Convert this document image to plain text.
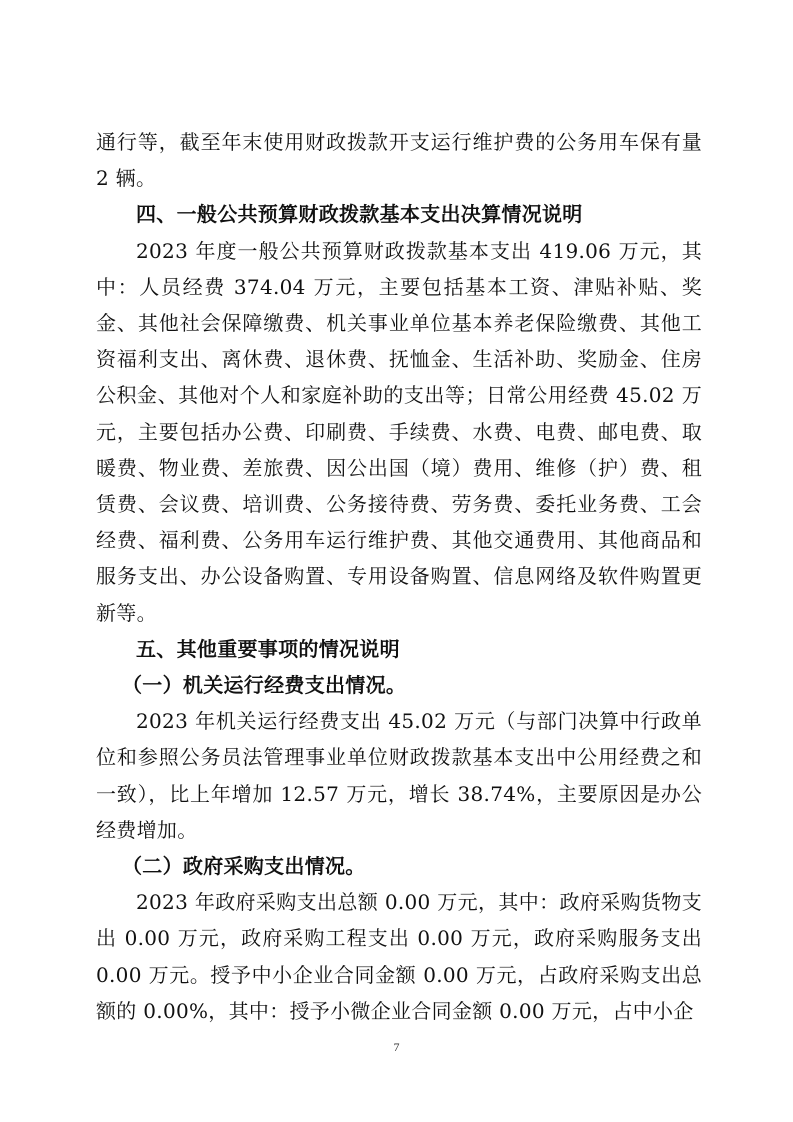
通行等，截至年末使用财政拨款开支运行维护费的公务用车保有量 2 辆。

四、一般公共预算财政拨款基本支出决算情况说明

2023 年度一般公共预算财政拨款基本支出 419.06 万元，其中：人员经费 374.04 万元，主要包括基本工资、津贴补贴、奖金、其他社会保障缴费、机关事业单位基本养老保险缴费、其他工资福利支出、离休费、退休费、抚恤金、生活补助、奖励金、住房公积金、其他对个人和家庭补助的支出等；日常公用经费 45.02 万元，主要包括办公费、印刷费、手续费、水费、电费、邮电费、取暖费、物业费、差旅费、因公出国（境）费用、维修（护）费、租赁费、会议费、培训费、公务接待费、劳务费、委托业务费、工会经费、福利费、公务用车运行维护费、其他交通费用、其他商品和服务支出、办公设备购置、专用设备购置、信息网络及软件购置更新等。

五、其他重要事项的情况说明

（一）机关运行经费支出情况。

2023 年机关运行经费支出 45.02 万元（与部门决算中行政单位和参照公务员法管理事业单位财政拨款基本支出中公用经费之和一致），比上年增加 12.57 万元，增长 38.74%，主要原因是办公经费增加。

（二）政府采购支出情况。

2023 年政府采购支出总额 0.00 万元，其中：政府采购货物支出 0.00 万元，政府采购工程支出 0.00 万元，政府采购服务支出 0.00 万元。授予中小企业合同金额 0.00 万元，占政府采购支出总额的 0.00%，其中：授予小微企业合同金额 0.00 万元，占中小企

7
